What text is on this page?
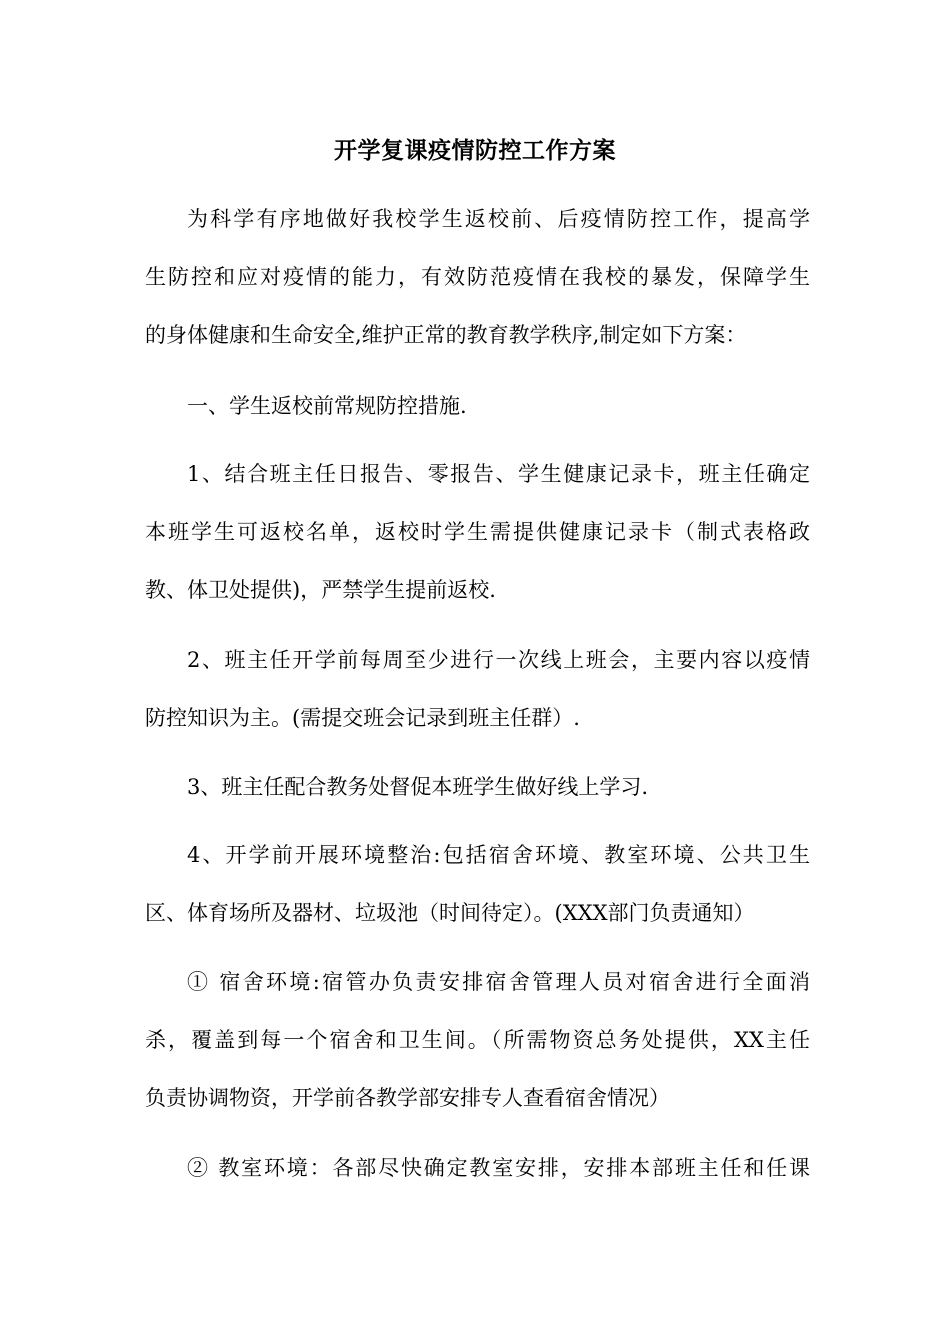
开学复课疫情防控工作方案
为科学有序地做好我校学生返校前、后疫情防控工作，提高学
生防控和应对疫情的能力，有效防范疫情在我校的暴发，保障学生
的身体健康和生命安全,维护正常的教育教学秩序,制定如下方案：
一、学生返校前常规防控措施.
1、结合班主任日报告、零报告、学生健康记录卡，班主任确定
本班学生可返校名单，返校时学生需提供健康记录卡（制式表格政
教、体卫处提供)，严禁学生提前返校.
2、班主任开学前每周至少进行一次线上班会，主要内容以疫情
防控知识为主。(需提交班会记录到班主任群）.
3、班主任配合教务处督促本班学生做好线上学习.
4、开学前开展环境整治:包括宿舍环境、教室环境、公共卫生
区、体育场所及器材、垃圾池（时间待定）。(XXX部门负责通知）
① 宿舍环境:宿管办负责安排宿舍管理人员对宿舍进行全面消
杀，覆盖到每一个宿舍和卫生间。（所需物资总务处提供，XX主任
负责协调物资，开学前各教学部安排专人查看宿舍情况）
② 教室环境：各部尽快确定教室安排，安排本部班主任和任课
